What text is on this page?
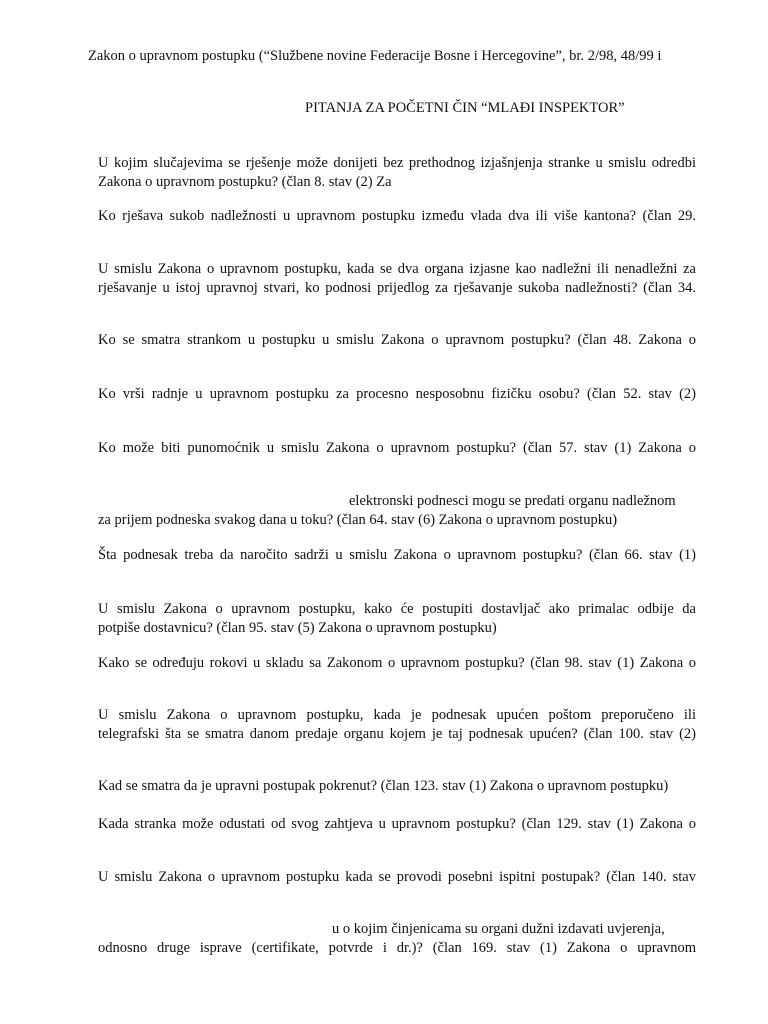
Zakon o upravnom postupku (“Službene novine Federacije Bosne i Hercegovine”, br. 2/98, 48/99 i
PITANJA ZA POČETNI ČIN “MLAĐI INSPEKTOR”
U kojim slučajevima se rješenje može donijeti bez prethodnog izjašnjenja stranke u smislu odredbi
Zakona o upravnom postupku? (član 8. stav (2) Za
Ko rješava sukob nadležnosti u upravnom postupku između vlada dva ili više kantona? (član 29.
U smislu Zakona o upravnom postupku, kada se dva organa izjasne kao nadležni ili nenadležni za
rješavanje u istoj upravnoj stvari, ko podnosi prijedlog za rješavanje sukoba nadležnosti? (član 34.
Ko se smatra strankom u postupku u smislu Zakona o upravnom postupku? (član 48. Zakona o
Ko vrši radnje u upravnom postupku za procesno nesposobnu fizičku osobu? (član 52. stav (2)
Ko može biti punomoćnik u smislu Zakona o upravnom postupku? (član 57. stav (1) Zakona o
elektronski podnesci mogu se predati organu nadležnom
za prijem podneska svakog dana u toku? (član 64. stav (6) Zakona o upravnom postupku)
Šta podnesak treba da naročito sadrži u smislu Zakona o upravnom postupku? (član 66. stav (1)
U smislu Zakona o upravnom postupku, kako će postupiti dostavljač ako primalac odbije da
potpiše dostavnicu? (član 95. stav (5) Zakona o upravnom postupku)
Kako se određuju rokovi u skladu sa Zakonom o upravnom postupku? (član 98. stav (1) Zakona o
U smislu Zakona o upravnom postupku, kada je podnesak upućen poštom preporučeno ili
telegrafski šta se smatra danom predaje organu kojem je taj podnesak upućen? (član 100. stav (2)
Kad se smatra da je upravni postupak pokrenut? (član 123. stav (1) Zakona o upravnom postupku)
Kada stranka može odustati od svog zahtjeva u upravnom postupku? (član 129. stav (1) Zakona o
U smislu Zakona o upravnom postupku kada se provodi posebni ispitni postupak? (član 140. stav
u o kojim činjenicama su organi dužni izdavati uvjerenja,
odnosno druge isprave (certifikate, potvrde i dr.)? (član 169. stav (1) Zakona o upravnom
